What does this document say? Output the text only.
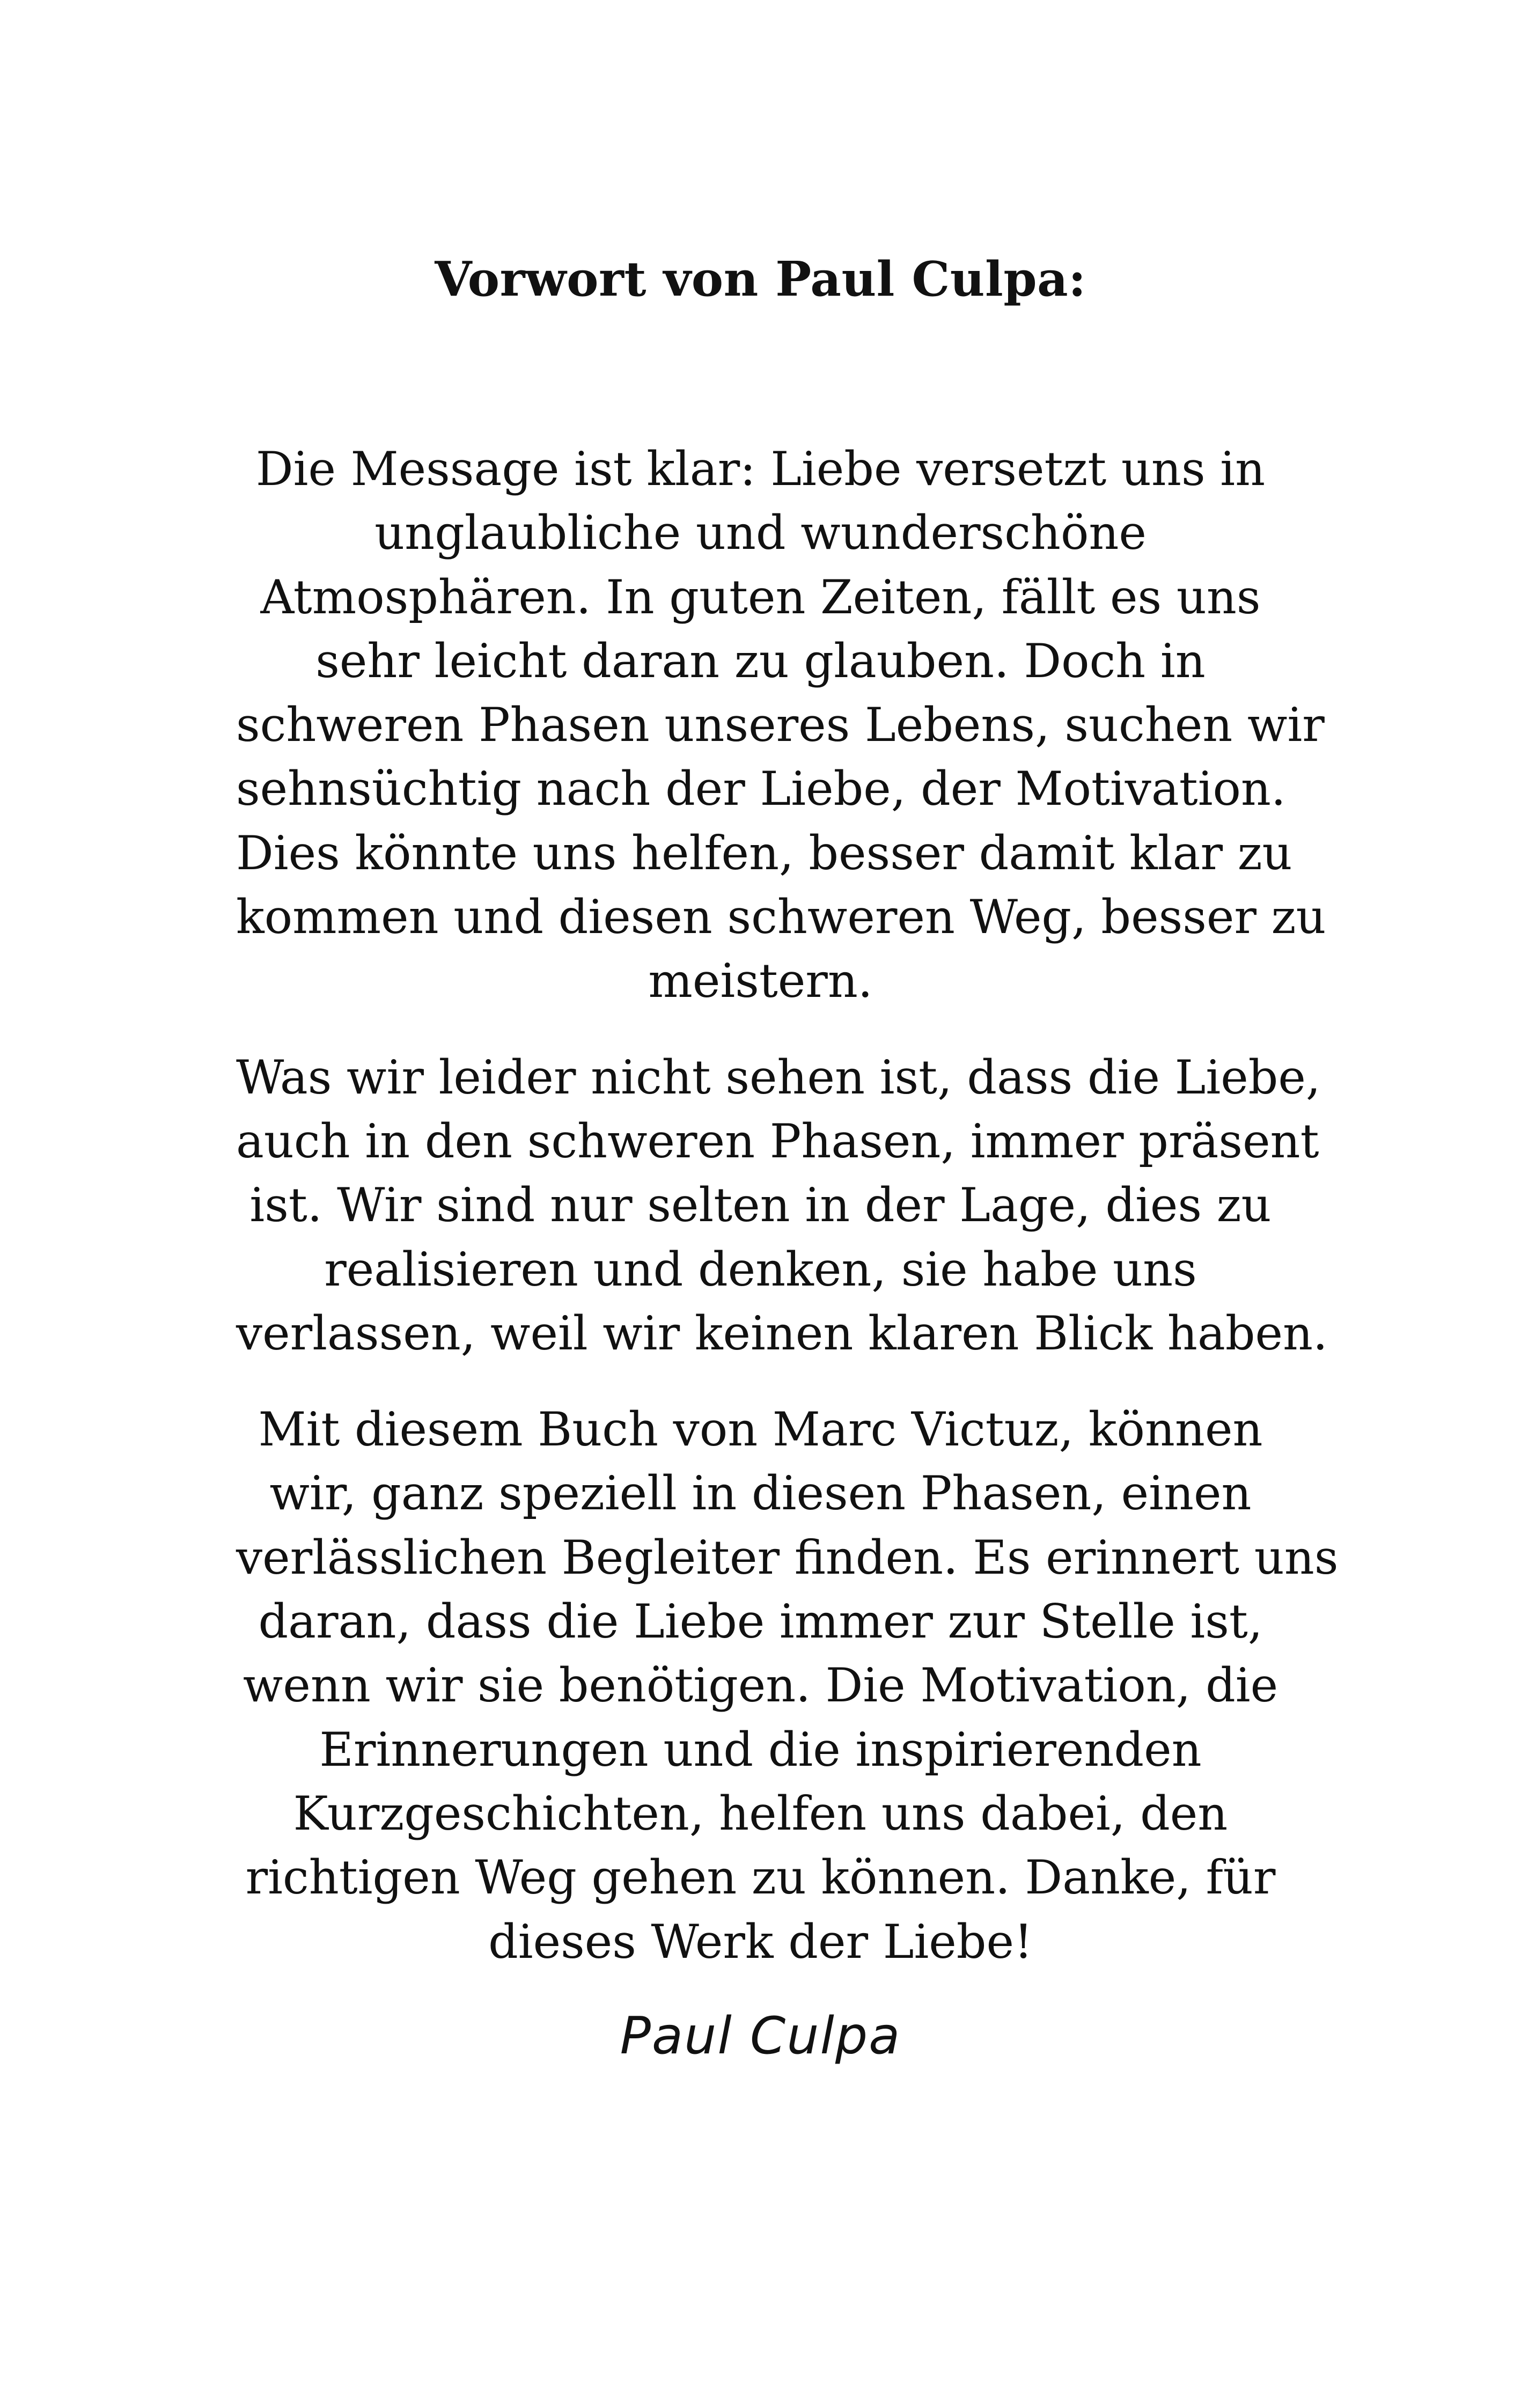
Vorwort von Paul Culpa:

Die Message ist klar: Liebe versetzt uns in
unglaubliche und wunderschöne
Atmosphären. In guten Zeiten, fällt es uns
sehr leicht daran zu glauben. Doch in
schweren Phasen unseres Lebens, suchen wir
sehnsüchtig nach der Liebe, der Motivation.
Dies könnte uns helfen, besser damit klar zu
kommen und diesen schweren Weg, besser zu
meistern.

Was wir leider nicht sehen ist, dass die Liebe,
auch in den schweren Phasen, immer präsent
ist. Wir sind nur selten in der Lage, dies zu
realisieren und denken, sie habe uns
verlassen, weil wir keinen klaren Blick haben.

Mit diesem Buch von Marc Victuz, können
wir, ganz speziell in diesen Phasen, einen
verlässlichen Begleiter finden. Es erinnert uns
daran, dass die Liebe immer zur Stelle ist,
wenn wir sie benötigen. Die Motivation, die
Erinnerungen und die inspirierenden
Kurzgeschichten, helfen uns dabei, den
richtigen Weg gehen zu können. Danke, für
dieses Werk der Liebe!

Paul Culpa
